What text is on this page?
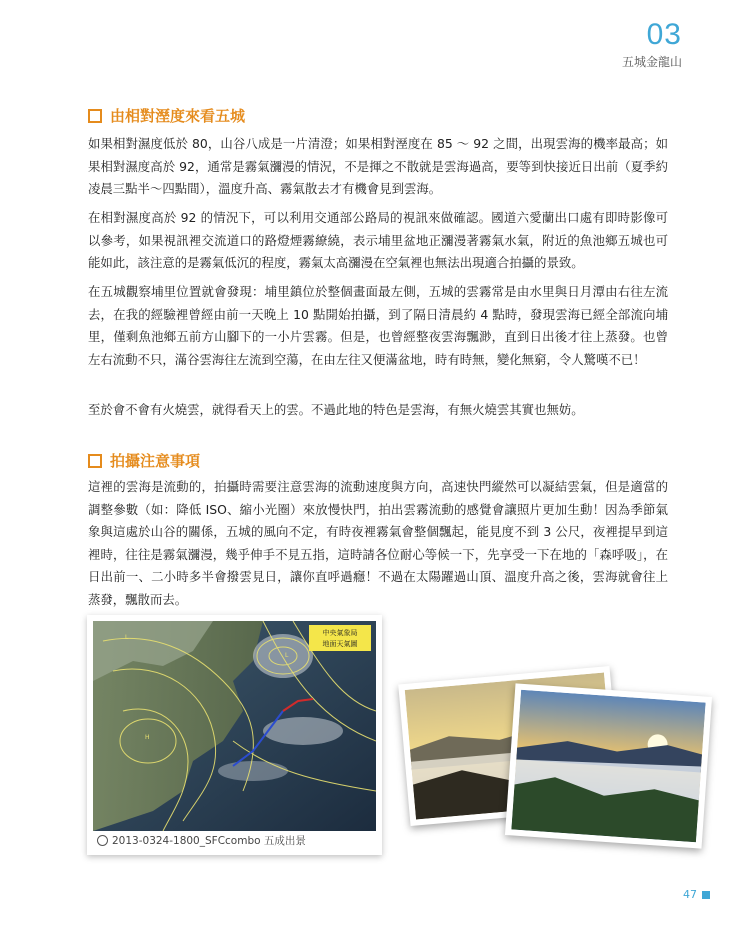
03
五城金龍山
由相對溼度來看五城

如果相對濕度低於 80，山谷八成是一片清澄；如果相對溼度在 85 ～ 92 之間，出現雲海的機率最高；如果相對濕度高於 92，通常是霧氣瀰漫的情況，不是揮之不散就是雲海過高，要等到快接近日出前（夏季約凌晨三點半～四點間），溫度升高、霧氣散去才有機會見到雲海。

在相對濕度高於 92 的情況下，可以利用交通部公路局的視訊來做確認。國道六愛蘭出口處有即時影像可以參考，如果視訊裡交流道口的路燈煙霧繚繞，表示埔里盆地正瀰漫著霧氣水氣，附近的魚池鄉五城也可能如此，該注意的是霧氣低沉的程度，霧氣太高瀰漫在空氣裡也無法出現適合拍攝的景致。

在五城觀察埔里位置就會發現：埔里鎮位於整個畫面最左側，五城的雲霧常是由水里與日月潭由右往左流去，在我的經驗裡曾經由前一天晚上 10 點開始拍攝，到了隔日清晨約 4 點時，發現雲海已經全部流向埔里，僅剩魚池鄉五前方山腳下的一小片雲霧。但是，也曾經整夜雲海飄渺，直到日出後才往上蒸發。也曾左右流動不只，滿谷雲海往左流到空蕩，在由左往又便滿盆地，時有時無，變化無窮，令人驚嘆不已！

至於會不會有火燒雲，就得看天上的雲。不過此地的特色是雲海，有無火燒雲其實也無妨。

拍攝注意事項

這裡的雲海是流動的，拍攝時需要注意雲海的流動速度與方向，高速快門縱然可以凝結雲氣，但是適當的調整參數（如：降低 ISO、縮小光圈）來放慢快門，拍出雲霧流動的感覺會讓照片更加生動！因為季節氣象與這處於山谷的關係，五城的風向不定，有時夜裡霧氣會整個飄起，能見度不到 3 公尺，夜裡提早到這裡時，往往是霧氣瀰漫，幾乎伸手不見五指，這時請各位耐心等候一下，先享受一下在地的「森呼吸」，在日出前一、二小時多半會撥雲見日，讓你直呼過癮！不過在太陽躍過山頂、溫度升高之後，雲海就會往上蒸發，飄散而去。

中央氣象局
地面天氣圖
L
H
L
2013-0324-1800_SFCcombo 五成出景
47
